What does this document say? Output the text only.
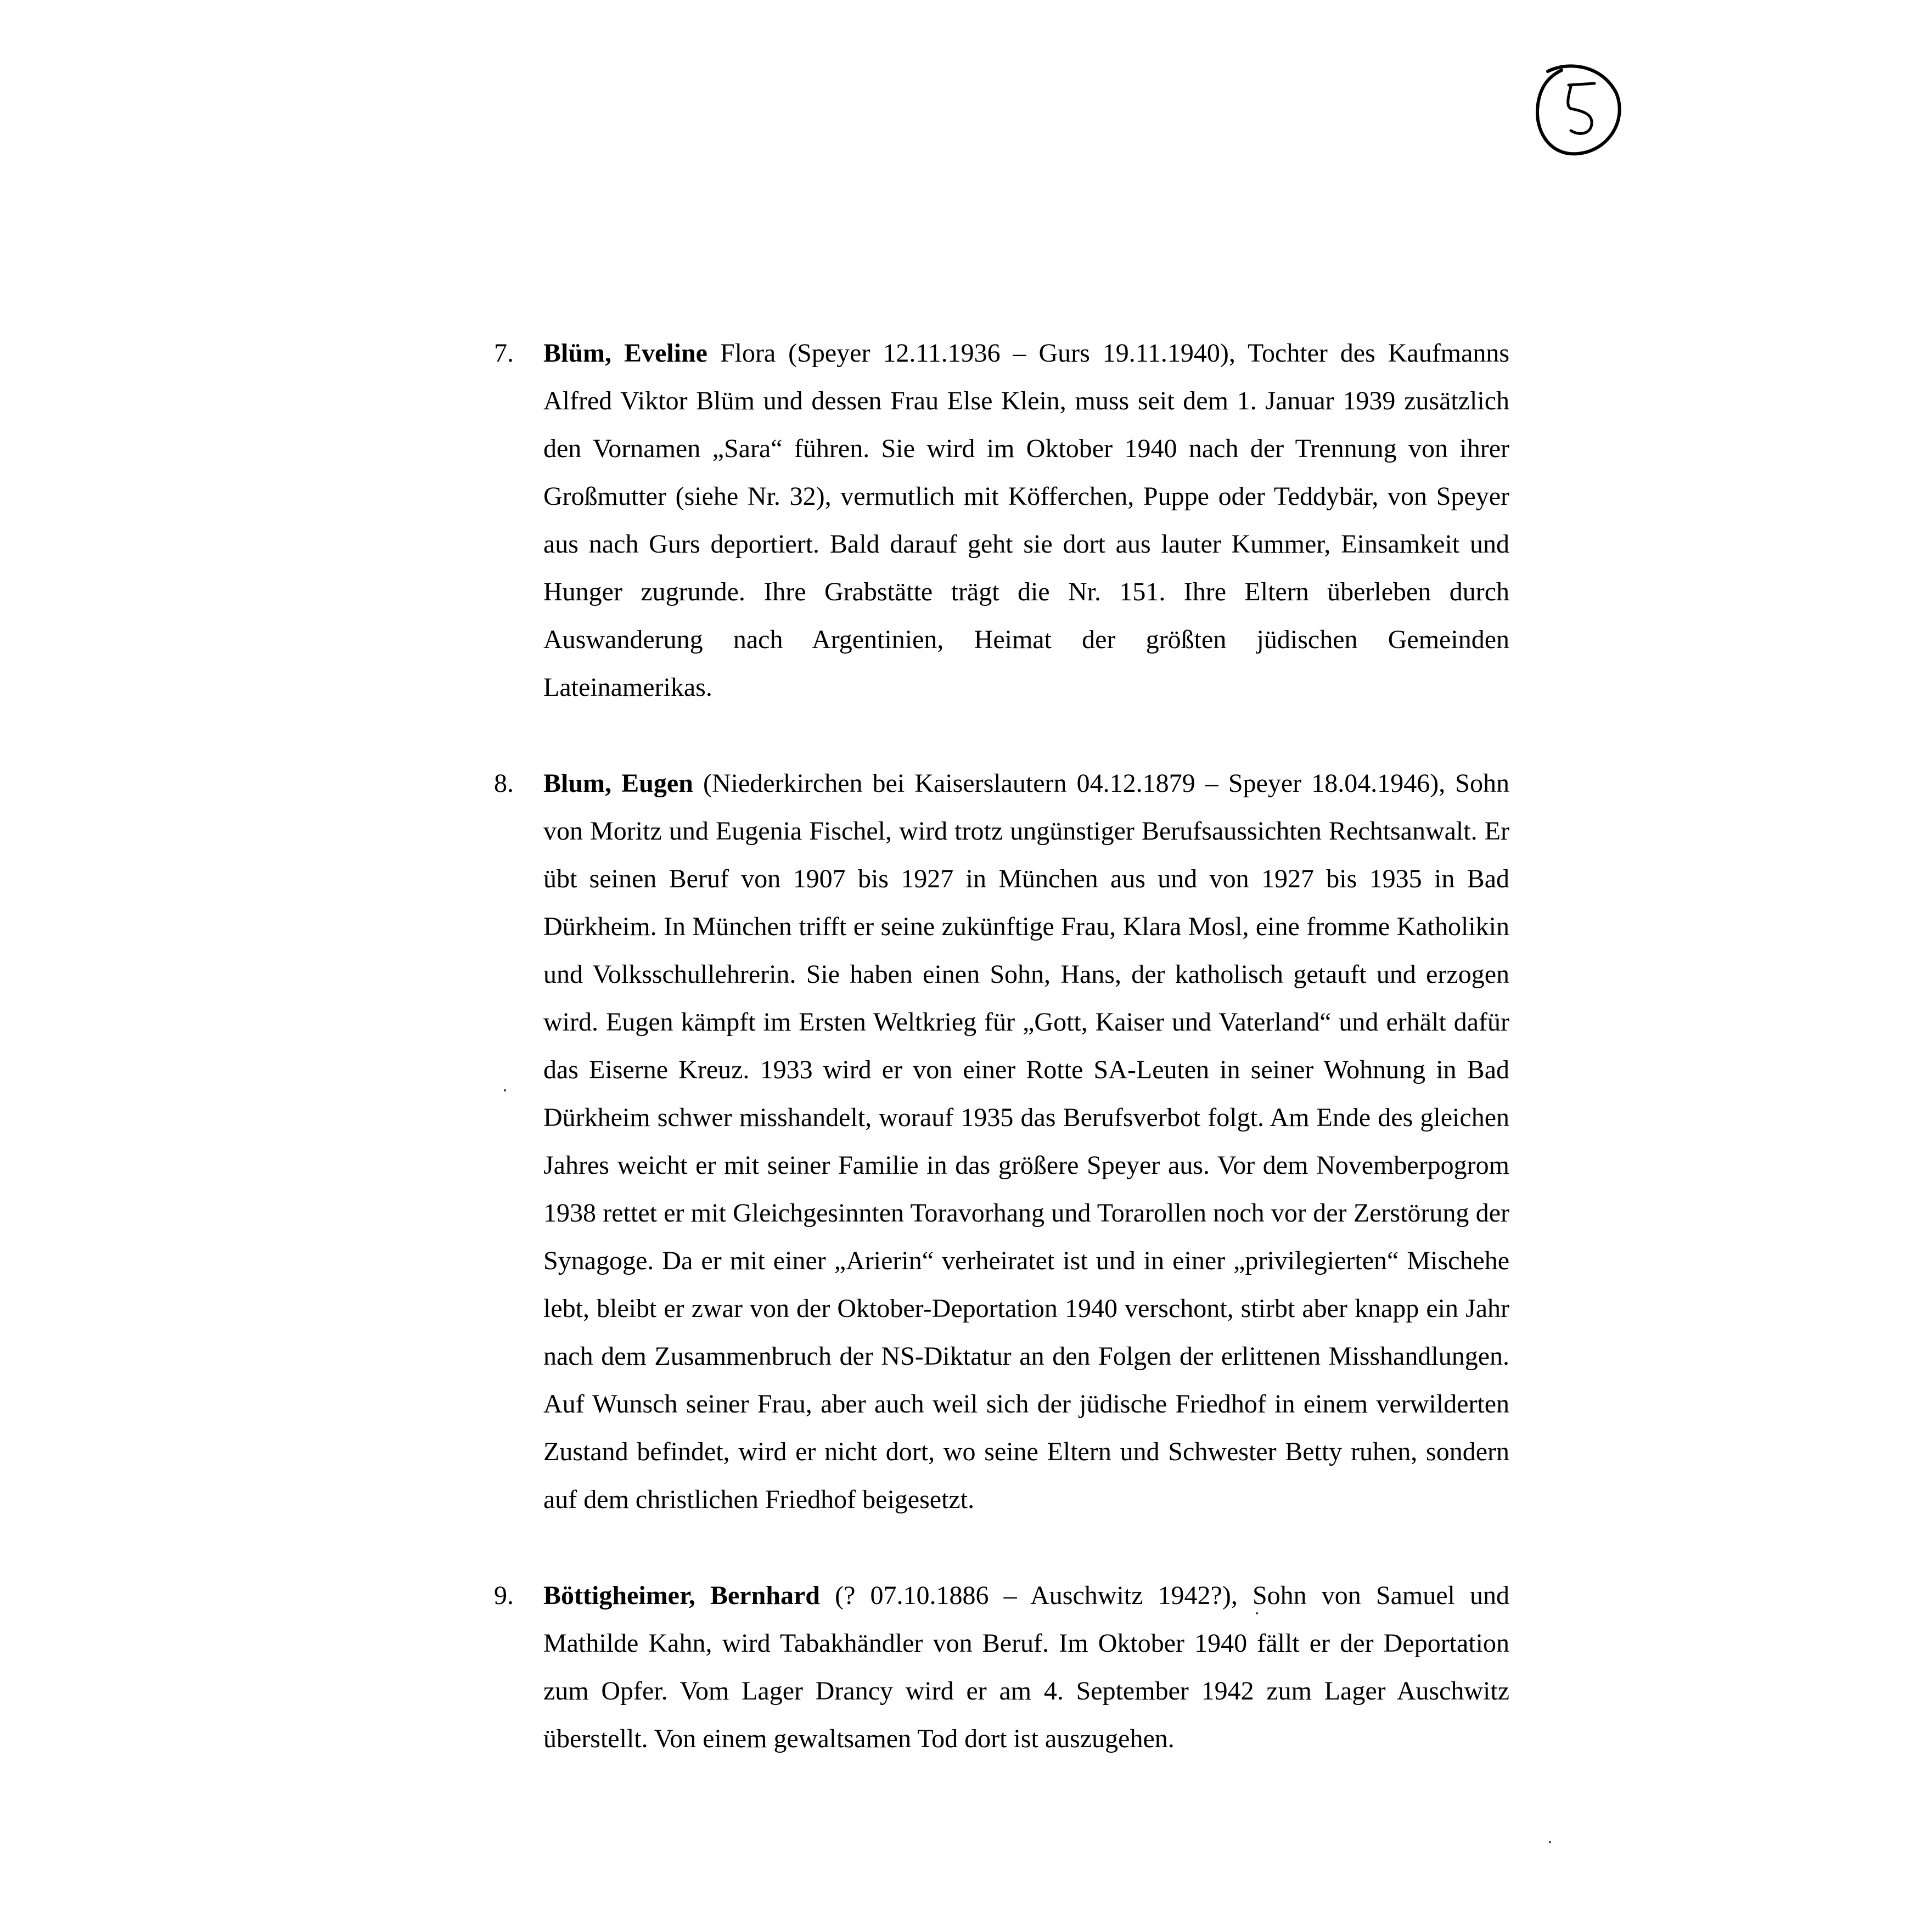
7. Blüm, Eveline Flora (Speyer 12.11.1936 – Gurs 19.11.1940), Tochter des Kaufmanns Alfred Viktor Blüm und dessen Frau Else Klein, muss seit dem 1. Januar 1939 zusätzlich den Vornamen „Sara“ führen. Sie wird im Oktober 1940 nach der Trennung von ihrer Großmutter (siehe Nr. 32), vermutlich mit Köfferchen, Puppe oder Teddybär, von Speyer aus nach Gurs deportiert. Bald darauf geht sie dort aus lauter Kummer, Einsamkeit und Hunger zugrunde. Ihre Grabstätte trägt die Nr. 151. Ihre Eltern überleben durch Auswanderung nach Argentinien, Heimat der größten jüdischen Gemeinden Lateinamerikas.

8. Blum, Eugen (Niederkirchen bei Kaiserslautern 04.12.1879 – Speyer 18.04.1946), Sohn von Moritz und Eugenia Fischel, wird trotz ungünstiger Berufsaussichten Rechtsanwalt. Er übt seinen Beruf von 1907 bis 1927 in München aus und von 1927 bis 1935 in Bad Dürkheim. In München trifft er seine zukünftige Frau, Klara Mosl, eine fromme Katholikin und Volksschullehrerin. Sie haben einen Sohn, Hans, der katholisch getauft und erzogen wird. Eugen kämpft im Ersten Weltkrieg für „Gott, Kaiser und Vaterland“ und erhält dafür das Eiserne Kreuz. 1933 wird er von einer Rotte SA-Leuten in seiner Wohnung in Bad Dürkheim schwer misshandelt, worauf 1935 das Berufsverbot folgt. Am Ende des gleichen Jahres weicht er mit seiner Familie in das größere Speyer aus. Vor dem Novemberpogrom 1938 rettet er mit Gleichgesinnten Toravorhang und Torarollen noch vor der Zerstörung der Synagoge. Da er mit einer „Arierin“ verheiratet ist und in einer „privilegierten“ Mischehe lebt, bleibt er zwar von der Oktober-Deportation 1940 verschont, stirbt aber knapp ein Jahr nach dem Zusammenbruch der NS-Diktatur an den Folgen der erlittenen Misshandlungen. Auf Wunsch seiner Frau, aber auch weil sich der jüdische Friedhof in einem verwilderten Zustand befindet, wird er nicht dort, wo seine Eltern und Schwester Betty ruhen, sondern auf dem christlichen Friedhof beigesetzt.

9. Böttigheimer, Bernhard (? 07.10.1886 – Auschwitz 1942?), Sohn von Samuel und Mathilde Kahn, wird Tabakhändler von Beruf. Im Oktober 1940 fällt er der Deportation zum Opfer. Vom Lager Drancy wird er am 4. September 1942 zum Lager Auschwitz überstellt. Von einem gewaltsamen Tod dort ist auszugehen.
